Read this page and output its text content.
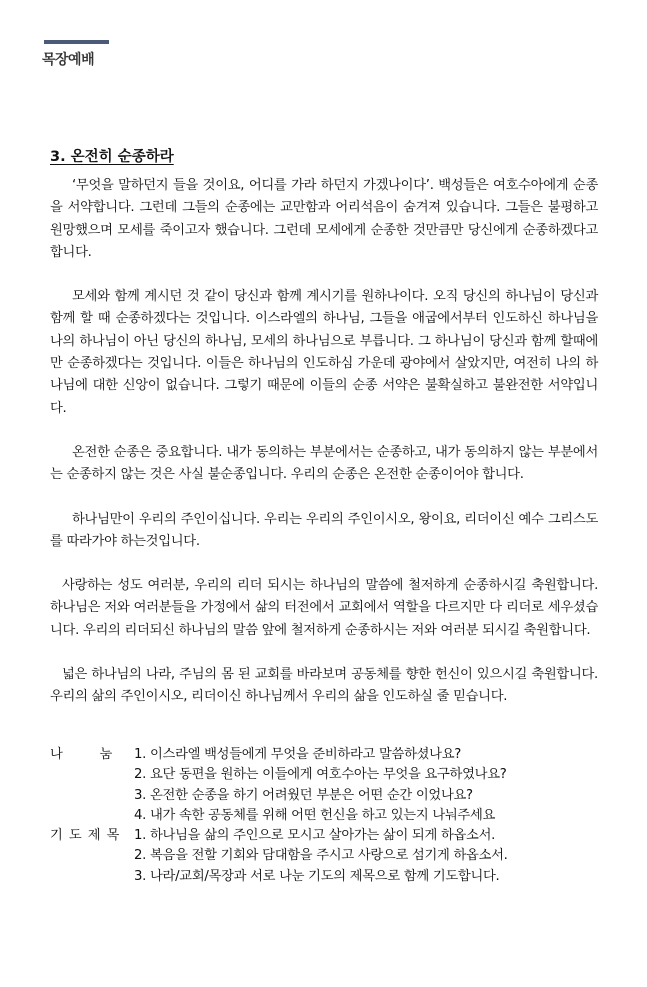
목장예배
3. 온전히 순종하라

‘무엇을 말하던지 들을 것이요, 어디를 가라 하던지 가겠나이다’. 백성들은 여호수아에게 순종을 서약합니다. 그런데 그들의 순종에는 교만함과 어리석음이 숨겨져 있습니다. 그들은 불평하고 원망했으며 모세를 죽이고자 했습니다. 그런데 모세에게 순종한 것만큼만 당신에게 순종하겠다고 합니다.

모세와 함께 계시던 것 같이 당신과 함께 계시기를 원하나이다. 오직 당신의 하나님이 당신과 함께 할 때 순종하겠다는 것입니다. 이스라엘의 하나님, 그들을 애굽에서부터 인도하신 하나님을 나의 하나님이 아닌 당신의 하나님, 모세의 하나님으로 부릅니다. 그 하나님이 당신과 함께 할때에만 순종하겠다는 것입니다. 이들은 하나님의 인도하심 가운데 광야에서 살았지만, 여전히 나의 하나님에 대한 신앙이 없습니다. 그렇기 때문에 이들의 순종 서약은 불확실하고 불완전한 서약입니다.

온전한 순종은 중요합니다. 내가 동의하는 부분에서는 순종하고, 내가 동의하지 않는 부분에서는 순종하지 않는 것은 사실 불순종입니다. 우리의 순종은 온전한 순종이어야 합니다.

하나님만이 우리의 주인이십니다. 우리는 우리의 주인이시오, 왕이요, 리더이신 예수 그리스도를 따라가야 하는것입니다.

사랑하는 성도 여러분, 우리의 리더 되시는 하나님의 말씀에 철저하게 순종하시길 축원합니다. 하나님은 저와 여러분들을 가정에서 삶의 터전에서 교회에서 역할을 다르지만 다 리더로 세우셨습니다. 우리의 리더되신 하나님의 말씀 앞에 철저하게 순종하시는 저와 여러분 되시길 축원합니다.

넓은 하나님의 나라, 주님의 몸 된 교회를 바라보며 공동체를 향한 헌신이 있으시길 축원합니다. 우리의 삶의 주인이시오, 리더이신 하나님께서 우리의 삶을 인도하실 줄 믿습니다.

나 눔	1. 이스라엘 백성들에게 무엇을 준비하라고 말씀하셨나요?
2. 요단 동편을 원하는 이들에게 여호수아는 무엇을 요구하였나요?
3. 온전한 순종을 하기 어려웠던 부분은 어떤 순간 이었나요?
4. 내가 속한 공동체를 위해 어떤 헌신을 하고 있는지 나눠주세요
기도제목 1. 하나님을 삶의 주인으로 모시고 살아가는 삶이 되게 하옵소서.
2. 복음을 전할 기회와 담대함을 주시고 사랑으로 섬기게 하옵소서.
3. 나라/교회/목장과 서로 나눈 기도의 제목으로 함께 기도합니다.
